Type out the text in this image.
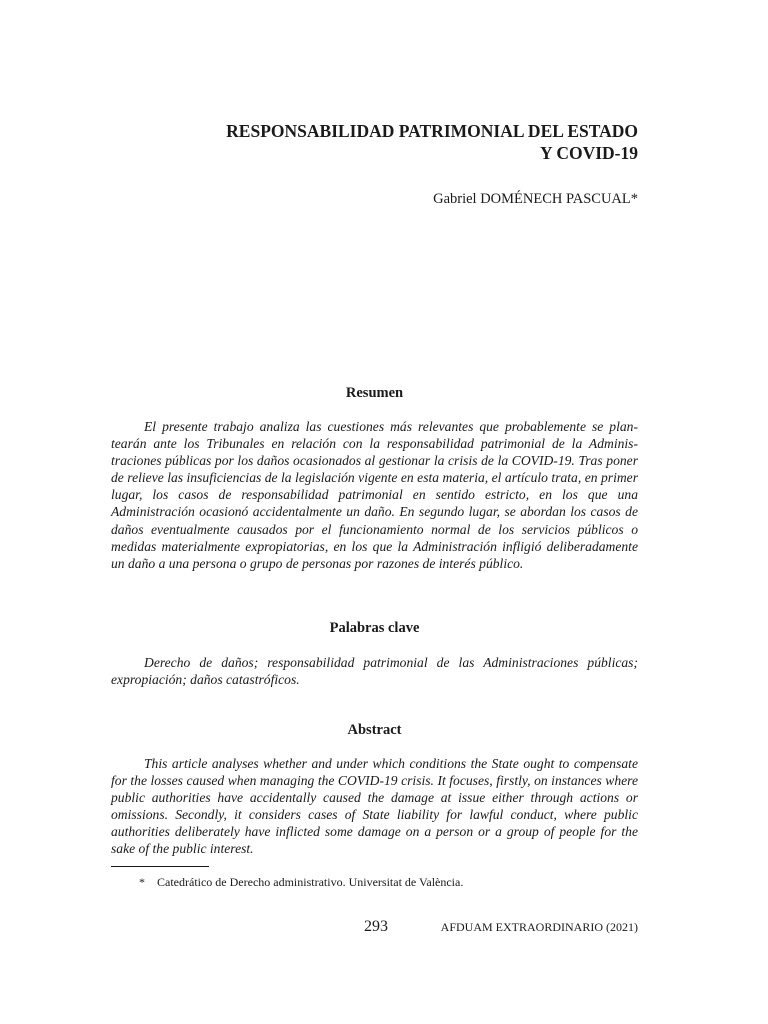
RESPONSABILIDAD PATRIMONIAL DEL ESTADO
Y COVID-19
Gabriel DOMÉNECH PASCUAL*
Resumen
El presente trabajo analiza las cuestiones más relevantes que probablemente se plantearán ante los Tribunales en relación con la responsabilidad patrimonial de la Administraciones públicas por los daños ocasionados al gestionar la crisis de la COVID-19. Tras poner de relieve las insuficiencias de la legislación vigente en esta materia, el artículo trata, en primer lugar, los casos de responsabilidad patrimonial en sentido estricto, en los que una Administración ocasionó accidentalmente un daño. En segundo lugar, se abordan los casos de daños eventualmente causados por el funcionamiento normal de los servicios públicos o medidas materialmente expropiatorias, en los que la Administración infligió deliberadamente un daño a una persona o grupo de personas por razones de interés público.
Palabras clave
Derecho de daños; responsabilidad patrimonial de las Administraciones públicas; expropiación; daños catastróficos.
Abstract
This article analyses whether and under which conditions the State ought to compensate for the losses caused when managing the COVID-19 crisis. It focuses, firstly, on instances where public authorities have accidentally caused the damage at issue either through actions or omissions. Secondly, it considers cases of State liability for lawful conduct, where public authorities deliberately have inflicted some damage on a person or a group of people for the sake of the public interest.
* Catedrático de Derecho administrativo. Universitat de València.
293	AFDUAM EXTRAORDINARIO (2021)
